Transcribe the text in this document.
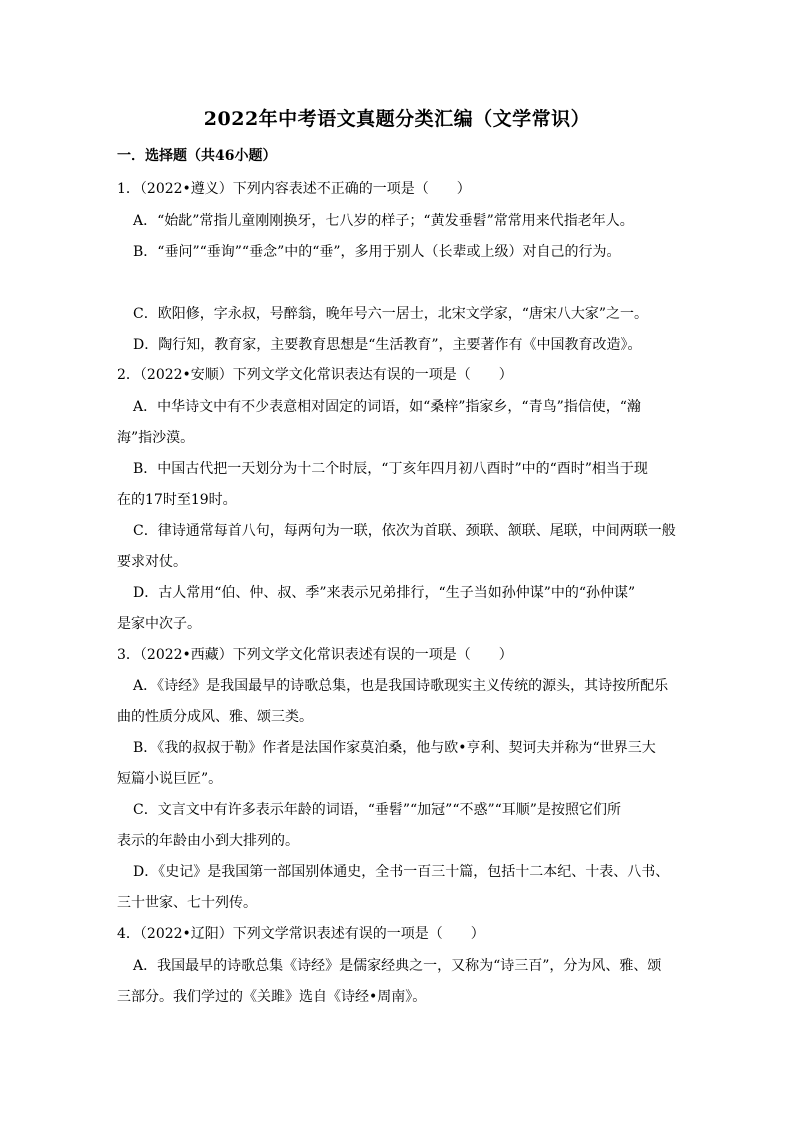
2022年中考语文真题分类汇编（文学常识）
一．选择题（共46小题）
1．（2022•遵义）下列内容表述不正确的一项是（　　）
A．“始龀”常指儿童刚刚换牙，七八岁的样子；“黄发垂髫”常常用来代指老年人。
B．“垂问”“垂询”“垂念”中的“垂”，多用于别人（长辈或上级）对自己的行为。
C．欧阳修，字永叔，号醉翁，晚年号六一居士，北宋文学家，“唐宋八大家”之一。
D．陶行知，教育家，主要教育思想是“生活教育”，主要著作有《中国教育改造》。
2．（2022•安顺）下列文学文化常识表达有误的一项是（　　）
A．中华诗文中有不少表意相对固定的词语，如“桑梓”指家乡，“青鸟”指信使，“瀚
海”指沙漠。
B．中国古代把一天划分为十二个时辰，“丁亥年四月初八酉时”中的“酉时”相当于现
在的17时至19时。
C．律诗通常每首八句，每两句为一联，依次为首联、颈联、颔联、尾联，中间两联一般
要求对仗。
D．古人常用“伯、仲、叔、季”来表示兄弟排行，“生子当如孙仲谋”中的“孙仲谋”
是家中次子。
3．（2022•西藏）下列文学文化常识表述有误的一项是（　　）
A．《诗经》是我国最早的诗歌总集，也是我国诗歌现实主义传统的源头，其诗按所配乐
曲的性质分成风、雅、颂三类。
B．《我的叔叔于勒》作者是法国作家莫泊桑，他与欧•亨利、契诃夫并称为“世界三大
短篇小说巨匠”。
C．文言文中有许多表示年龄的词语，“垂髫”“加冠”“不惑”“耳顺”是按照它们所
表示的年龄由小到大排列的。
D．《史记》是我国第一部国别体通史，全书一百三十篇，包括十二本纪、十表、八书、
三十世家、七十列传。
4．（2022•辽阳）下列文学常识表述有误的一项是（　　）
A．我国最早的诗歌总集《诗经》是儒家经典之一，又称为“诗三百”，分为风、雅、颂
三部分。我们学过的《关雎》选自《诗经•周南》。
